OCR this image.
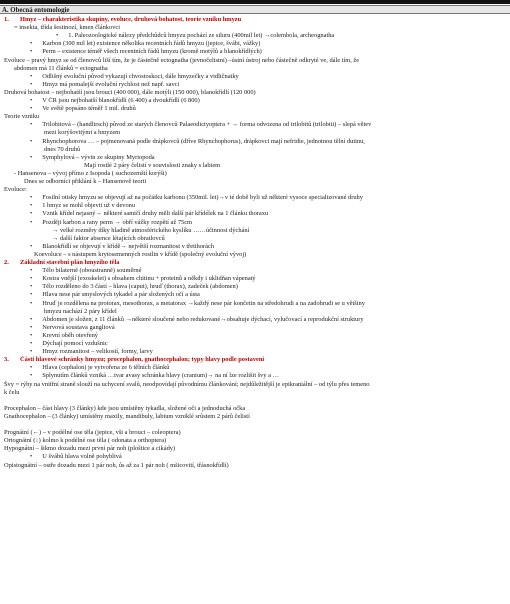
A. Obecná entomologie
1. Hmyz – charakteristika skupiny, evoluce, druhová bohatost, teorie vzniku hmyzu
= insekta, třída šestinozí, kmen článkovci
• 1. Paleozoologické nálezy předchůdců hmyzu pochází ze siluru (400mil let) →colembola, archeognatha
• Karbon (300 mil let) existence několika recentních řádů hmyzu (jepice, švábi, vážky)
• Perm – existence téměř všech recentních řádů hmyzu (kromě motýlů a blanokřídlých)
Evoluce – pravý hmyz se od členovců liší tím, že je částečně ectognatha (jevnočelistní) –ústní ústroj nebo částečně odkryté ve, dále tím, že
abdomen má 11 článků = ectognatha
• Odlišný evoluční původ vykazují chvostoskoci, dále hmyzečky a vidličnatky
• Hmyz má pomalejší evoluční rychlost než např. savci
Druhová bohatost – nejbohatší jsou brouci (400 000), dále motýli (150 000), blanokřídlí (120 000)
• V ČR jsou nejbohatší blanokřídlí (6 400) a dvoukřídlí (6 800)
• Ve světě popsáno téměř 1 mil. druhů
Teorie vzniku
• Trilobitová – (handlirsch) původ ze starých členovců Palaeodictyoptera + → forma odvozena od trilobitů (trilobiti) – slepá větev
mezi korýšovitými a hmyzem
• Rhynchophorova … – pojmenovaná podle drápkovců (dříve Rhynchophorus), drápkovci mají nefridie, jednotnou tělní dutinu,
dnes 70 druhů
• Symphylová – vývin ze skupiny Myriopoda
Mají rostlé 2 páry čelistí v souvislosti znaky s labiem
- Hansenova – vývoj přímo z Isopoda ( suchozemští korýši)
Dnes se odborníci přiklání k – Hansenově teorii
Evoluce:
• Fosilní otisky hmyzu se objevují až na počátku karbonu (350mil. let)→v té době byli už některé vysoce specializované druhy
• 1 hmyz se mohl objevit už v devonu
• Vznik křídel nejasný→ některé samičí druhy měli další pár křídélek na 1 článku thoraxu
• Později karbon a rany perm → obří vážky rozpětí až 75cm
→ velké rozměry díky hladině atmosférického kyslíku ……účinnost dýchání
→ další faktor absence létajících obratlovců
• Blanokřídlí se objevují v křídě→ největší rozmanitost v třetihorách
Koevoluce – s nástupem krytosemenných rostlin v křídě (společný evoluční vývoj)
2. Základní stavební plán hmyzího těla
• Tělo bilaterně (oboustranně) souměrné
• Kostra vnější (exoskelet) s obsahem chitinu + proteinů a někdy i uklidňan vápenatý
• Tělo rozděleno do 3 částí – hlava (caput), hruď (thorax), zadeček (abdomen)
• Hlava nese pár smyslových tykadel a pár složených očí a ústa
• Hruď je rozdělena na protorax, mesothorax, a metatorax →každý nese pár končetin na středohrudi a na zadohrudi se u většiny
hmyzu nachází 2 páry křídel
• Abdomen je složen, z 11 článků →některé sloučené nebo redukované→obsahuje dýchací, vylučovací a reprodukční struktury
• Nervová soustava gangliová
• Krevní oběh otevřený
• Dýchají pomocí vzdušnic
• Hmyz rozmanitost – velikostí, formy, larvy
3. Části hlavové schránky hmyzu; procephalon, gnathocephalon; typy hlavy podle postavení
• Hlava (cephalon) je vytvořena ze 6 tělních článků
• Splynutím článků vzniká …tvar avasy schránka hlavy (cranium)→ na ní lze rozlišit švy a …
Švy = rýhy na vnitřní straně slouží na uchycení svalů, neodpovídají původnímu článkování; nejdůležitější je epikraniální – od týlu přes temeno
k čelu
Procephalon – část hlavy (3 články) kde jsou umístěny tykadla, složené oči a jednoduchá očka
Gnathocephalon – (3 články) umístěny maxily, mandibuly, labium vzniklé srůstem 2 párů čelistí
Prognátní (←) – v podélné ose těla (jepice, vši a brouci – coleoptera)
Ortognátní (↓) kolmo k podélné ose těla ( odonata a orthoptera)
Hypognátní – šikmo dozadu mezi první pár noh (ploštice a cikády)
• U švábů hlava volně pohyblivá
Opistognátní – ostře dozadu mezi 1 pár noh, ůs až za 1 pár noh ( mšicovití, třásnokřídlí)
